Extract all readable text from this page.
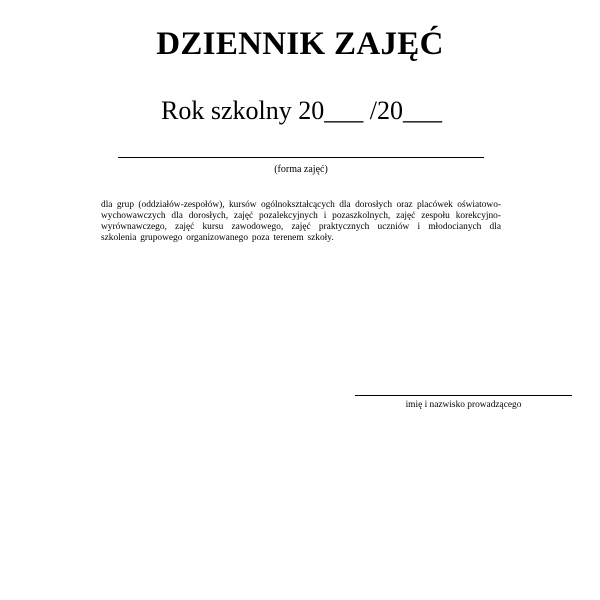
DZIENNIK ZAJĘĆ
Rok szkolny 20___ /20___
(forma zajęć)
dla grup (oddziałów-zespołów), kursów ogólnokształcących dla dorosłych oraz placówek oświatowo-wychowawczych dla dorosłych, zajęć pozalekcyjnych i pozaszkolnych, zajęć zespołu korekcyjno-wyrównawczego, zajęć kursu zawodowego, zajęć praktycznych uczniów i młodocianych dla szkolenia grupowego organizowanego poza terenem szkoły.
imię i nazwisko prowadzącego
